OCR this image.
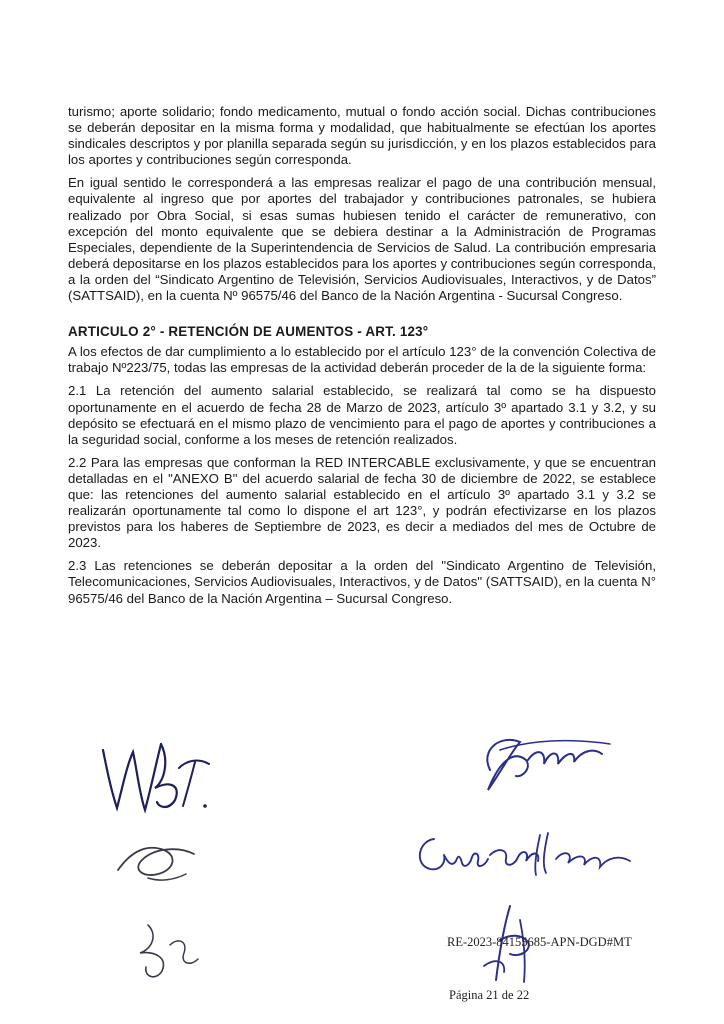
turismo; aporte solidario; fondo medicamento, mutual o fondo acción social. Dichas contribuciones se deberán depositar en la misma forma y modalidad, que habitualmente se efectúan los aportes sindicales descriptos y por planilla separada según su jurisdicción, y en los plazos establecidos para los aportes y contribuciones según corresponda.

En igual sentido le corresponderá a las empresas realizar el pago de una contribución mensual, equivalente al ingreso que por aportes del trabajador y contribuciones patronales, se hubiera realizado por Obra Social, si esas sumas hubiesen tenido el carácter de remunerativo, con excepción del monto equivalente que se debiera destinar a la Administración de Programas Especiales, dependiente de la Superintendencia de Servicios de Salud. La contribución empresaria deberá depositarse en los plazos establecidos para los aportes y contribuciones según corresponda, a la orden del “Sindicato Argentino de Televisión, Servicios Audiovisuales, Interactivos, y de Datos” (SATTSAID), en la cuenta Nº 96575/46 del Banco de la Nación Argentina - Sucursal Congreso.

ARTICULO 2° - RETENCIÓN DE AUMENTOS - ART. 123°

A los efectos de dar cumplimiento a lo establecido por el artículo 123° de la convención Colectiva de trabajo Nº223/75, todas las empresas de la actividad deberán proceder de la de la siguiente forma:

2.1 La retención del aumento salarial establecido, se realizará tal como se ha dispuesto oportunamente en el acuerdo de fecha 28 de Marzo de 2023, artículo 3º apartado 3.1 y 3.2, y su depósito se efectuará en el mismo plazo de vencimiento para el pago de aportes y contribuciones a la seguridad social, conforme a los meses de retención realizados.

2.2 Para las empresas que conforman la RED INTERCABLE exclusivamente, y que se encuentran detalladas en el "ANEXO B" del acuerdo salarial de fecha 30 de diciembre de 2022, se establece que: las retenciones del aumento salarial establecido en el artículo 3º apartado 3.1 y 3.2 se realizarán oportunamente tal como lo dispone el art 123°, y podrán efectivizarse en los plazos previstos para los haberes de Septiembre de 2023, es decir a mediados del mes de Octubre de 2023.

2.3 Las retenciones se deberán depositar a la orden del "Sindicato Argentino de Televisión, Telecomunicaciones, Servicios Audiovisuales, Interactivos, y de Datos" (SATTSAID), en la cuenta N° 96575/46 del Banco de la Nación Argentina – Sucursal Congreso.

RE-2023-84155685-APN-DGD#MT
Página 21 de 22
